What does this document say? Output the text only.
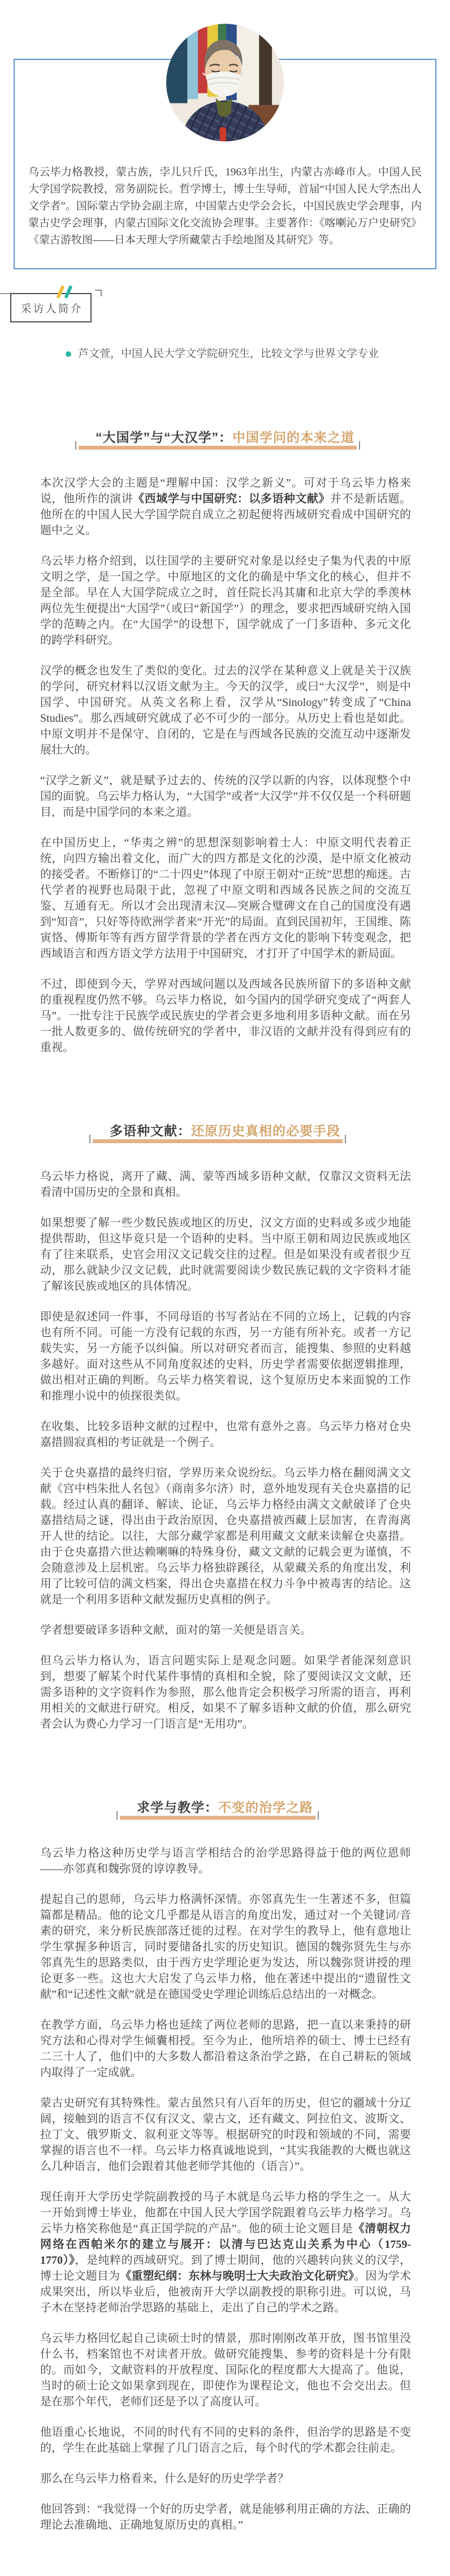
乌云毕力格教授，蒙古族，孛儿只斤氏，1963年出生，内蒙古赤峰市人。中国人民大学国学院教授，常务副院长。哲学博士，博士生导师，首届“中国人民大学杰出人文学者”。国际蒙古学协会副主席，中国蒙古史学会会长，中国民族史学会理事，内蒙古史学会理事，内蒙古国际文化交流协会理事。主要著作：《喀喇沁万户史研究》《蒙古游牧图——日本天理大学所藏蒙古手绘地图及其研究》等。

采访人简介
芦文萱，中国人民大学文学院研究生，比较文学与世界文学专业
“大国学”与“大汉学”：中国学问的本来之道

本次汉学大会的主题是“理解中国：汉学之新义”。可对于乌云毕力格来说，他所作的演讲《西域学与中国研究：以多语种文献》并不是新话题。他所在的中国人民大学国学院自成立之初起便将西域研究看成中国研究的题中之义。

乌云毕力格介绍到，以往国学的主要研究对象是以经史子集为代表的中原文明之学，是一国之学。中原地区的文化的确是中华文化的核心，但并不是全部。早在人大国学院成立之时，首任院长冯其庸和北京大学的季羡林两位先生便提出“大国学”（或曰“新国学”）的理念，要求把西域研究纳入国学的范畴之内。在“大国学”的设想下，国学就成了一门多语种、多元文化的跨学科研究。

汉学的概念也发生了类似的变化。过去的汉学在某种意义上就是关于汉族的学问，研究材料以汉语文献为主。今天的汉学，或曰“大汉学”，则是中国学、中国研究。从英文名称上看，汉学从“Sinology”转变成了“China Studies”。那么西域研究就成了必不可少的一部分。从历史上看也是如此。中原文明并不是保守、自闭的，它是在与西域各民族的交流互动中逐渐发展壮大的。

“汉学之新义”，就是赋予过去的、传统的汉学以新的内容，以体现整个中国的面貌。乌云毕力格认为，“大国学”或者“大汉学”并不仅仅是一个科研题目，而是中国学问的本来之道。

在中国历史上，“华夷之辨”的思想深刻影响着士人：中原文明代表着正统，向四方输出着文化，而广大的四方都是文化的沙漠，是中原文化被动的接受者。不断修订的“二十四史”体现了中原王朝对“正统”思想的痴迷。古代学者的视野也局限于此，忽视了中原文明和西域各民族之间的交流互鉴、互通有无。所以才会出现清末汉—突厥合璧碑文在自己的国度没有遇到“知音”，只好等待欧洲学者来“开光”的局面。直到民国初年，王国维、陈寅恪、傅斯年等有西方留学背景的学者在西方文化的影响下转变观念，把西域语言和西方语文学方法用于中国研究，才打开了中国学术的新局面。

不过，即使到今天，学界对西域问题以及西域各民族所留下的多语种文献的重视程度仍然不够。乌云毕力格说，如今国内的国学研究变成了“两套人马”。一批专注于民族学或民族史的学者会更多地利用多语种文献。而在另一批人数更多的、做传统研究的学者中，非汉语的文献并没有得到应有的重视。

多语种文献：还原历史真相的必要手段

乌云毕力格说，离开了藏、满、蒙等西域多语种文献，仅靠汉文资料无法看清中国历史的全景和真相。

如果想要了解一些少数民族或地区的历史，汉文方面的史料或多或少地能提供帮助，但这毕竟只是一个语种的史料。当中原王朝和周边民族或地区有了往来联系，史官会用汉文记载交往的过程。但是如果没有或者很少互动，那么就缺少汉文记载，此时就需要阅读少数民族记载的文字资料才能了解该民族或地区的具体情况。

即使是叙述同一件事，不同母语的书写者站在不同的立场上，记载的内容也有所不同。可能一方没有记载的东西，另一方能有所补充。或者一方记载失实，另一方能予以纠偏。所以对研究者而言，能搜集、参照的史料越多越好。面对这些从不同角度叙述的史料，历史学者需要依据逻辑推理，做出相对正确的判断。乌云毕力格笑着说，这个复原历史本来面貌的工作和推理小说中的侦探很类似。

在收集、比较多语种文献的过程中，也常有意外之喜。乌云毕力格对仓央嘉措圆寂真相的考证就是一个例子。

关于仓央嘉措的最终归宿，学界历来众说纷纭。乌云毕力格在翻阅满文文献《宫中档朱批人名包》（商南多尔济）时，意外地发现有关仓央嘉措的记载。经过认真的翻译、解读、论证，乌云毕力格经由满文文献破译了仓央嘉措结局之谜，得出由于政治原因，仓央嘉措被西藏上层加害，在青海离开人世的结论。以往，大部分藏学家都是利用藏文文献来读解仓央嘉措。由于仓央嘉措六世达赖喇嘛的特殊身份，藏文文献的记载会更为谨慎，不会随意涉及上层机密。乌云毕力格独辟蹊径，从蒙藏关系的角度出发，利用了比较可信的满文档案，得出仓央嘉措在权力斗争中被毒害的结论。这就是一个利用多语种文献发掘历史真相的例子。

学者想要破译多语种文献，面对的第一关便是语言关。

但乌云毕力格认为，语言问题实际上是观念问题。如果学者能深刻意识到，想要了解某个时代某件事情的真相和全貌，除了要阅读汉文文献，还需多语种的文字资料作为参照，那么他肯定会积极学习所需的语言，再利用相关的文献进行研究。相反，如果不了解多语种文献的价值，那么研究者会认为费心力学习一门语言是“无用功”。

求学与教学：不变的治学之路

乌云毕力格这种历史学与语言学相结合的治学思路得益于他的两位恩师——亦邻真和魏弥贤的谆谆教导。

提起自己的恩师，乌云毕力格满怀深情。亦邻真先生一生著述不多，但篇篇都是精品。他的论文几乎都是从语言的角度出发，通过对一个关键词/音素的研究，来分析民族部落迁徙的过程。在对学生的教导上，他有意地让学生掌握多种语言，同时要储备扎实的历史知识。德国的魏弥贤先生与亦邻真先生的思路类似，由于西方史学理论更为发达，所以魏弥贤讲授的理论更多一些。这也大大启发了乌云毕力格，他在著述中提出的“遗留性文献”和“记述性文献”就是在德国受史学理论训练后总结出的一对概念。

在教学方面，乌云毕力格也延续了两位老师的思路，把一直以来秉持的研究方法和心得对学生倾囊相授。至今为止，他所培养的硕士、博士已经有二三十人了，他们中的大多数人都沿着这条治学之路，在自己耕耘的领域内取得了一定成就。

蒙古史研究有其特殊性。蒙古虽然只有八百年的历史，但它的疆域十分辽阔，接触到的语言不仅有汉文、蒙古文，还有藏文、阿拉伯文、波斯文、拉丁文、俄罗斯文、叙利亚文等等。根据研究的时段和领域的不同，需要掌握的语言也不一样。乌云毕力格真诚地说到，“其实我能教的大概也就这么几种语言，他们会跟着其他老师学其他的（语言）”。

现任南开大学历史学院副教授的马子木就是乌云毕力格的学生之一。从大一开始到博士毕业，他都在中国人民大学国学院跟着乌云毕力格学习。乌云毕力格笑称他是“真正国学院的产品”。他的硕士论文题目是《清朝权力网络在西帕米尔的建立与展开：以清与巴达克山关系为中心（1759-1770）》，是纯粹的西域研究。到了博士期间，他的兴趣转向狭义的汉学，博士论文题目为《重塑纪纲：东林与晚明士大夫政治文化研究》。因为学术成果突出，所以毕业后，他被南开大学以副教授的职称引进。可以说，马子木在坚持老师治学思路的基础上，走出了自己的学术之路。

乌云毕力格回忆起自己读硕士时的情景，那时刚刚改革开放，图书馆里没什么书，档案馆也不对读者开放。做研究能搜集、参考的资料是十分有限的。而如今，文献资料的开放程度、国际化的程度都大大提高了。他说，当时的硕士论文如果拿到现在，即使作为课程论文，他也不会交出去。但是在那个年代，老师们还是予以了高度认可。

他语重心长地说，不同的时代有不同的史料的条件，但治学的思路是不变的，学生在此基础上掌握了几门语言之后，每个时代的学术都会往前走。

那么在乌云毕力格看来，什么是好的历史学学者？

他回答到：“我觉得一个好的历史学者，就是能够利用正确的方法、正确的理论去准确地、正确地复原历史的真相。”
